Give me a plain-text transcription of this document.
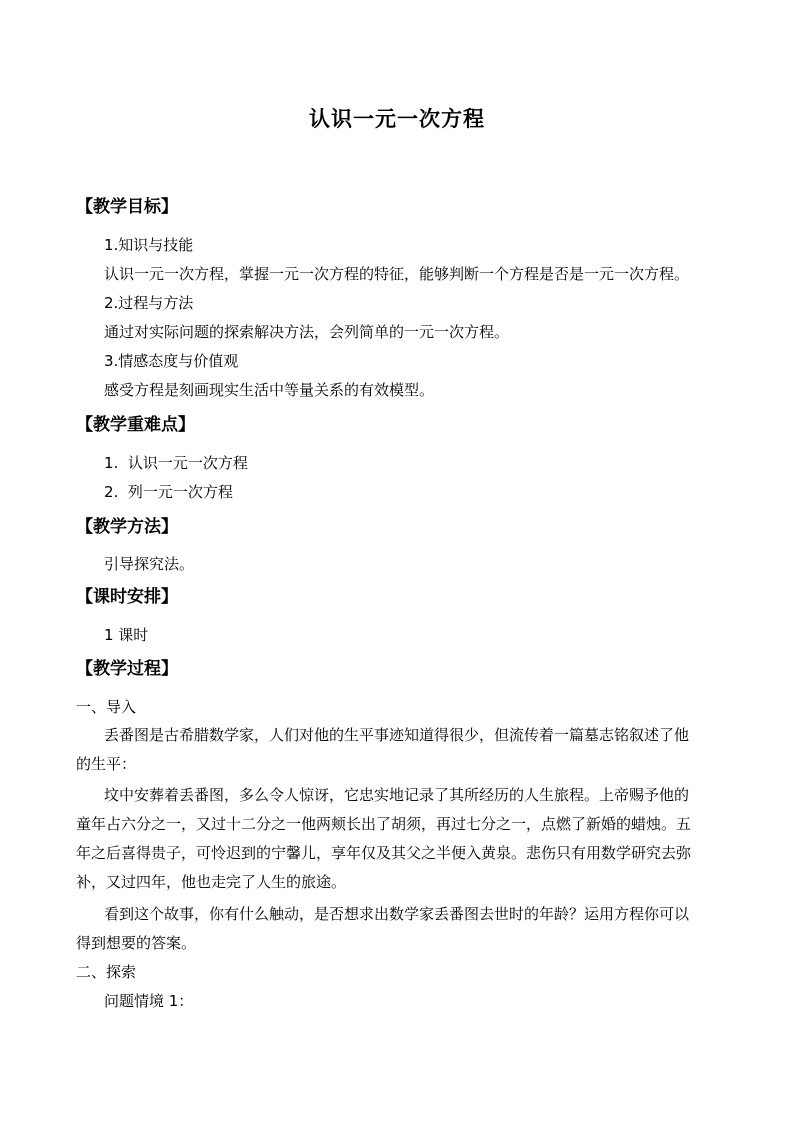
认识一元一次方程
【教学目标】
1.知识与技能
认识一元一次方程，掌握一元一次方程的特征，能够判断一个方程是否是一元一次方程。
2.过程与方法
通过对实际问题的探索解决方法，会列简单的一元一次方程。
3.情感态度与价值观
感受方程是刻画现实生活中等量关系的有效模型。
【教学重难点】
1.  认识一元一次方程
2.  列一元一次方程
【教学方法】
引导探究法。
【课时安排】
1 课时
【教学过程】
一、导入
丢番图是古希腊数学家，人们对他的生平事迹知道得很少，但流传着一篇墓志铭叙述了他
的生平：
坟中安葬着丢番图，多么令人惊讶，它忠实地记录了其所经历的人生旅程。上帝赐予他的
童年占六分之一，又过十二分之一他两颊长出了胡须，再过七分之一，点燃了新婚的蜡烛。五
年之后喜得贵子，可怜迟到的宁馨儿，享年仅及其父之半便入黄泉。悲伤只有用数学研究去弥
补，又过四年，他也走完了人生的旅途。
看到这个故事，你有什么触动，是否想求出数学家丢番图去世时的年龄？运用方程你可以
得到想要的答案。
二、探索
问题情境 1：
